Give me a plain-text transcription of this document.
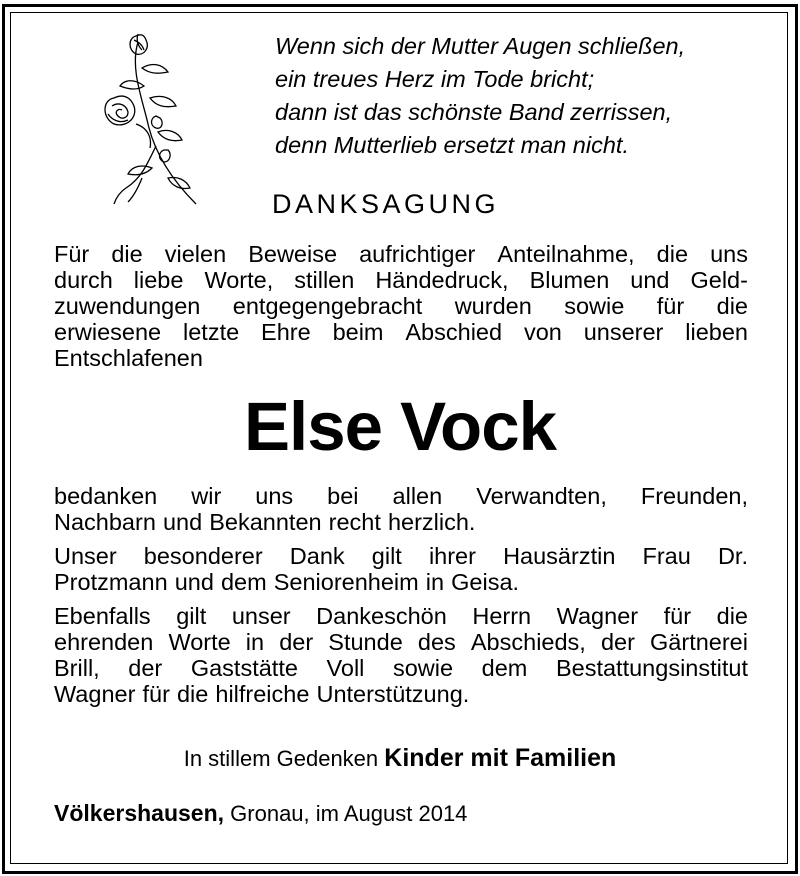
Wenn sich der Mutter Augen schließen,
ein treues Herz im Tode bricht;
dann ist das schönste Band zerrissen,
denn Mutterlieb ersetzt man nicht.
DANKSAGUNG
Für die vielen Beweise aufrichtiger Anteilnahme, die uns
durch liebe Worte, stillen Händedruck, Blumen und Geld-
zuwendungen entgegengebracht wurden sowie für die
erwiesene letzte Ehre beim Abschied von unserer lieben
Entschlafenen
Else Vock
bedanken wir uns bei allen Verwandten, Freunden,
Nachbarn und Bekannten recht herzlich.
Unser besonderer Dank gilt ihrer Hausärztin Frau Dr.
Protzmann und dem Seniorenheim in Geisa.
Ebenfalls gilt unser Dankeschön Herrn Wagner für die
ehrenden Worte in der Stunde des Abschieds, der Gärtnerei
Brill, der Gaststätte Voll sowie dem Bestattungsinstitut
Wagner für die hilfreiche Unterstützung.
In stillem Gedenken Kinder mit Familien
Völkershausen, Gronau, im August 2014
